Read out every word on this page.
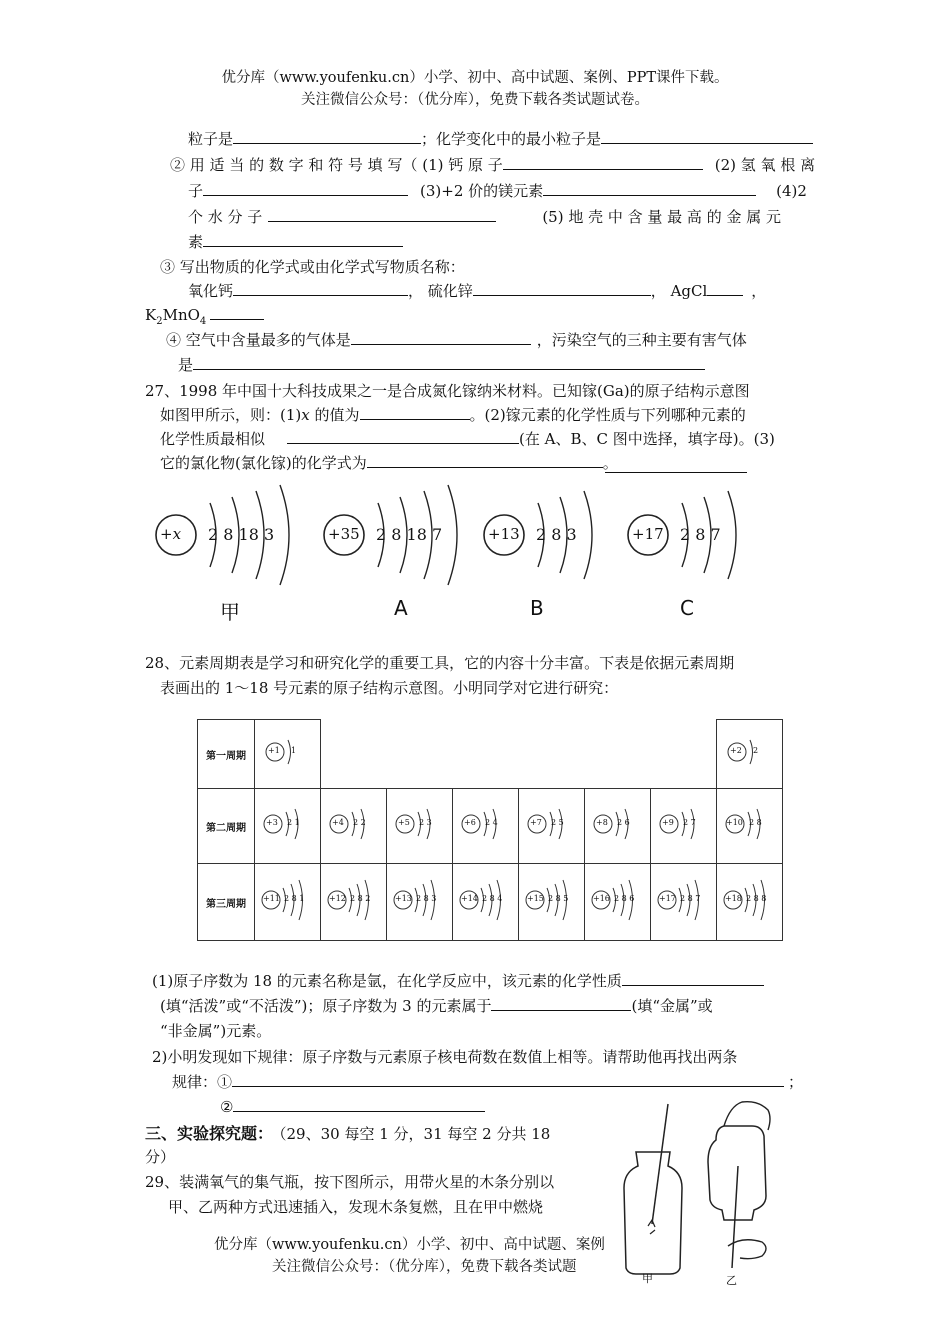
优分库（www.youfenku.cn）小学、初中、高中试题、案例、PPT课件下载。
关注微信公众号：（优分库），免费下载各类试题试卷。
粒子是	；化学变化中的最小粒子是
② 用 适 当 的 数 字 和 符 号 填 写（ (1) 钙 原 子	(2) 氢 氧 根 离
子	(3)+2 价的镁元素	(4)2
个 水 分 子	(5) 地 壳 中 含 量 最 高 的 金 属 元
素
③ 写出物质的化学式或由化学式写物质名称：
氧化钙	， 硫化锌	， AgCl	，
$K_2MnO_4$
④ 空气中含量最多的气体是	，污染空气的三种主要有害气体
是
27、1998 年中国十大科技成果之一是合成氮化镓纳米材料。已知镓(Ga)的原子结构示意图
如图甲所示，则：(1)x 的值为	。(2)镓元素的化学性质与下列哪种元素的
化学性质最相似	(在 A、B、C 图中选择，填字母)。(3)
它的氯化物(氯化镓)的化学式为	。
+x 2 8 18 3	+35 2 8 18 7	+13 2 8 3	+17 2 8 7
甲	A	B	C
28、元素周期表是学习和研究化学的重要工具，它的内容十分丰富。下表是依据元素周期
表画出的 1～18 号元素的原子结构示意图。小明同学对它进行研究：
第一周期	+1 1							+2 2

第二周期	+3 2 1	+4 2 2	+5 2 3	+6 2 4	+7 2 5	+8 2 6	+9 2 7	+10 2 8

第三周期	+11 2 8 1	+12 2 8 2	+13 2 8 3	+14 2 8 4	+15 2 8 5	+16 2 8 6	+17 2 8 7	+18 2 8 8
(1)原子序数为 18 的元素名称是氩，在化学反应中，该元素的化学性质
(填“活泼”或“不活泼”)；原子序数为 3 的元素属于	(填“金属”或
“非金属”)元素。
2)小明发现如下规律：原子序数与元素原子核电荷数在数值上相等。请帮助他再找出两条
规律：①	；
②
三、实验探究题： （29、30 每空 1 分，31 每空 2 分共 18
分）
29、装满氧气的集气瓶，按下图所示，用带火星的木条分别以
甲、乙两种方式迅速插入，发现木条复燃，且在甲中燃烧
甲	乙
优分库（www.youfenku.cn）小学、初中、高中试题、案例
关注微信公众号：（优分库），免费下载各类试题
